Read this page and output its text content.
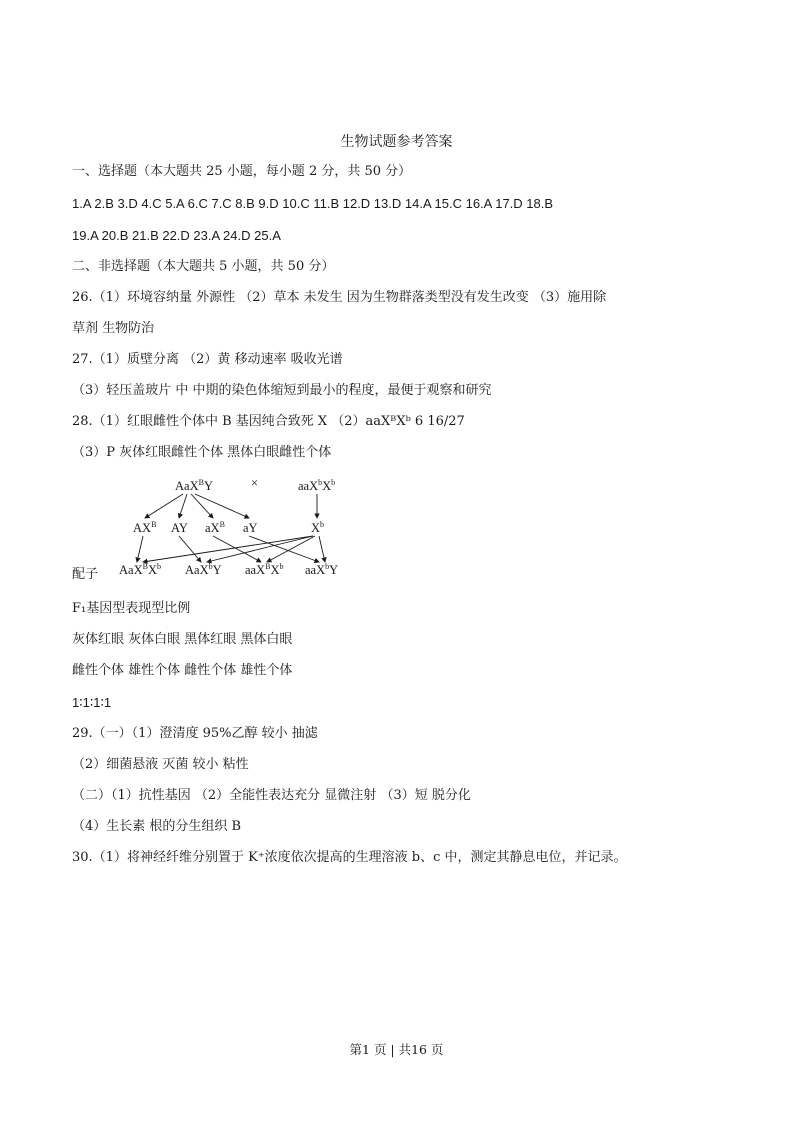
生物试题参考答案
一、选择题（本大题共 25 小题，每小题 2 分，共 50 分）
1.A 2.B 3.D 4.C 5.A 6.C 7.C 8.B 9.D 10.C 11.B 12.D 13.D 14.A 15.C 16.A 17.D 18.B
19.A 20.B 21.B 22.D 23.A 24.D 25.A
二、非选择题（本大题共 5 小题，共 50 分）
26.（1）环境容纳量 外源性 （2）草本 未发生 因为生物群落类型没有发生改变 （3）施用除
草剂 生物防治
27.（1）质壁分离 （2）黄 移动速率 吸收光谱
（3）轻压盖玻片 中 中期的染色体缩短到最小的程度，最便于观察和研究
28.（1）红眼雌性个体中 B 基因纯合致死 X （2）aaXᴮXᵇ 6 16/27
（3）P 灰体红眼雌性个体 黑体白眼雌性个体
AaX$^B$Y	×	$aaX^bX^b$
$AX^B$ AY $aX^B$ aY	$X^b$
$AaX^BX^b$ AaX$^b$Y $aaX^BX^b$ aaX$^b$Y
配子
F₁基因型表现型比例
灰体红眼 灰体白眼 黑体红眼 黑体白眼
雌性个体 雄性个体 雌性个体 雄性个体
1∶1∶1∶1
29.（一）（1）澄清度 95%乙醇 较小 抽滤
（2）细菌悬液 灭菌 较小 粘性
（二）（1）抗性基因 （2）全能性表达充分 显微注射 （3）短 脱分化
（4）生长素 根的分生组织 B
30.（1）将神经纤维分别置于 K⁺浓度依次提高的生理溶液 b、c 中，测定其静息电位，并记录。
第1 页 | 共16 页
